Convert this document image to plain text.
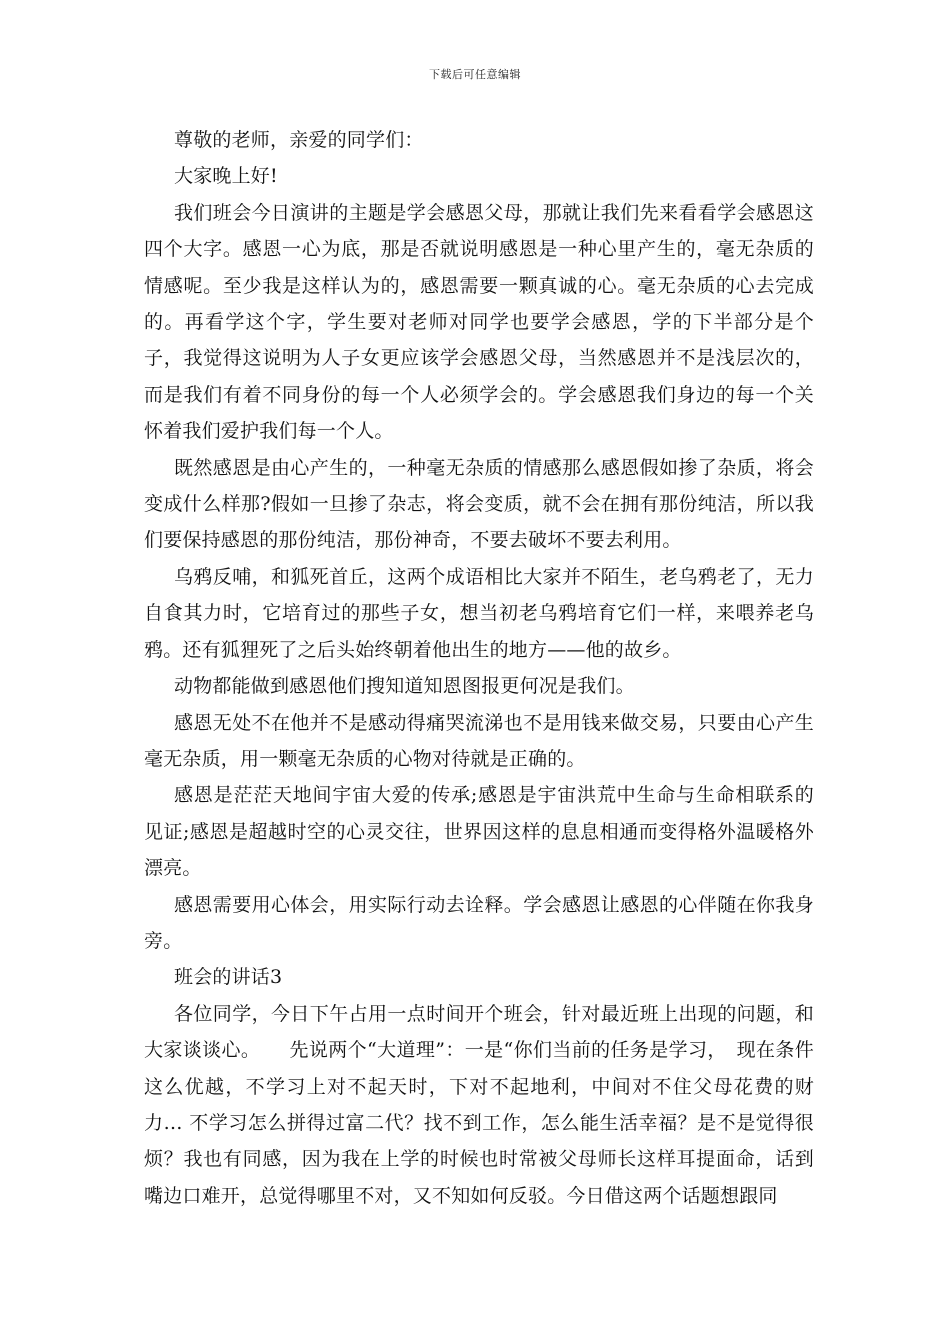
下载后可任意编辑

尊敬的老师，亲爱的同学们：

大家晚上好!

我们班会今日演讲的主题是学会感恩父母，那就让我们先来看看学会感恩这四个大字。感恩一心为底，那是否就说明感恩是一种心里产生的，毫无杂质的情感呢。至少我是这样认为的，感恩需要一颗真诚的心。毫无杂质的心去完成的。再看学这个字，学生要对老师对同学也要学会感恩，学的下半部分是个子，我觉得这说明为人子女更应该学会感恩父母，当然感恩并不是浅层次的，而是我们有着不同身份的每一个人必须学会的。学会感恩我们身边的每一个关怀着我们爱护我们每一个人。

既然感恩是由心产生的，一种毫无杂质的情感那么感恩假如掺了杂质，将会变成什么样那?假如一旦掺了杂志，将会变质，就不会在拥有那份纯洁，所以我们要保持感恩的那份纯洁，那份神奇，不要去破坏不要去利用。

乌鸦反哺，和狐死首丘，这两个成语相比大家并不陌生，老乌鸦老了，无力自食其力时，它培育过的那些子女，想当初老乌鸦培育它们一样，来喂养老乌鸦。还有狐狸死了之后头始终朝着他出生的地方——他的故乡。

动物都能做到感恩他们搜知道知恩图报更何况是我们。

感恩无处不在他并不是感动得痛哭流涕也不是用钱来做交易，只要由心产生毫无杂质，用一颗毫无杂质的心物对待就是正确的。

感恩是茫茫天地间宇宙大爱的传承;感恩是宇宙洪荒中生命与生命相联系的见证;感恩是超越时空的心灵交往，世界因这样的息息相通而变得格外温暖格外漂亮。

感恩需要用心体会，用实际行动去诠释。学会感恩让感恩的心伴随在你我身旁。

班会的讲话3

各位同学，今日下午占用一点时间开个班会，针对最近班上出现的问题，和大家谈谈心。　　先说两个“大道理”：一是“你们当前的任务是学习，　现在条件这么优越，不学习上对不起天时，下对不起地利，中间对不住父母花费的财力… 不学习怎么拼得过富二代？找不到工作，怎么能生活幸福？是不是觉得很烦？我也有同感，因为我在上学的时候也时常被父母师长这样耳提面命，话到嘴边口难开，总觉得哪里不对，又不知如何反驳。今日借这两个话题想跟同
